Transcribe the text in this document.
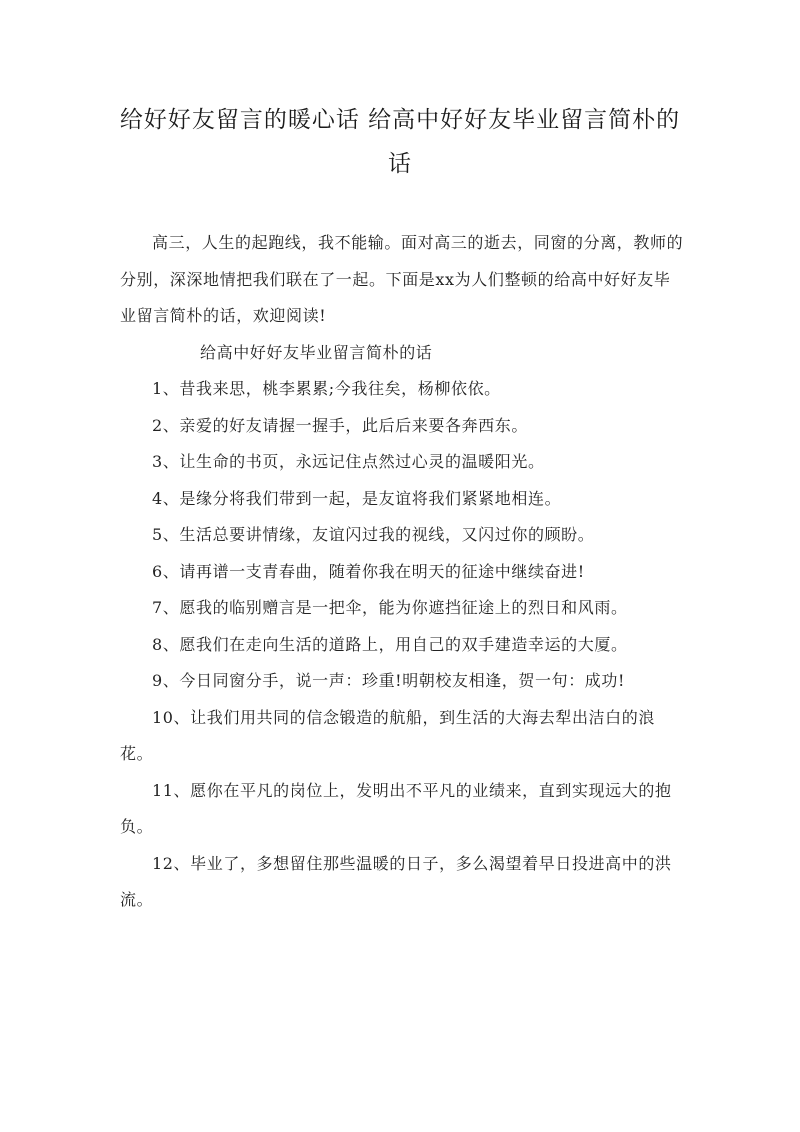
给好好友留言的暖心话 给高中好好友毕业留言简朴的话

高三，人生的起跑线，我不能输。面对高三的逝去，同窗的分离，教师的分别，深深地情把我们联在了一起。下面是xx为人们整顿的给高中好好友毕业留言简朴的话，欢迎阅读!

给高中好好友毕业留言简朴的话

1、昔我来思，桃李累累;今我往矣，杨柳依依。

2、亲爱的好友请握一握手，此后后来要各奔西东。

3、让生命的书页，永远记住点然过心灵的温暖阳光。

4、是缘分将我们带到一起，是友谊将我们紧紧地相连。

5、生活总要讲情缘，友谊闪过我的视线，又闪过你的顾盼。

6、请再谱一支青春曲，随着你我在明天的征途中继续奋进!

7、愿我的临别赠言是一把伞，能为你遮挡征途上的烈日和风雨。

8、愿我们在走向生活的道路上，用自己的双手建造幸运的大厦。

9、今日同窗分手，说一声：珍重!明朝校友相逢，贺一句：成功!

10、让我们用共同的信念锻造的航船，到生活的大海去犁出洁白的浪花。

11、愿你在平凡的岗位上，发明出不平凡的业绩来，直到实现远大的抱负。

12、毕业了，多想留住那些温暖的日子，多么渴望着早日投进高中的洪流。
